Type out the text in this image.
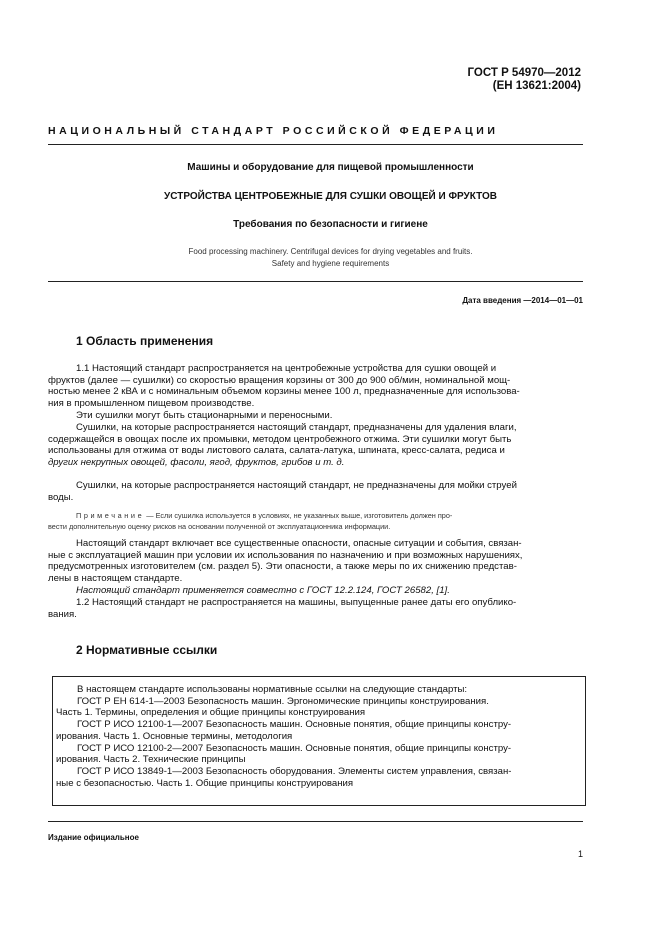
ГОСТ Р 54970—2012
(ЕН 13621:2004)
НАЦИОНАЛЬНЫЙ СТАНДАРТ РОССИЙСКОЙ ФЕДЕРАЦИИ
Машины и оборудование для пищевой промышленности
УСТРОЙСТВА ЦЕНТРОБЕЖНЫЕ ДЛЯ СУШКИ ОВОЩЕЙ И ФРУКТОВ
Требования по безопасности и гигиене
Food processing machinery. Centrifugal devices for drying vegetables and fruits.
Safety and hygiene requirements
Дата введения —2014—01—01
1 Область применения
1.1 Настоящий стандарт распространяется на центробежные устройства для сушки овощей и
фруктов (далее — сушилки) со скоростью вращения корзины от 300 до 900 об/мин, номинальной мощ-
ностью менее 2 кВА и с номинальным объемом корзины менее 100 л, предназначенные для использова-
ния в промышленном пищевом производстве.
Эти сушилки могут быть стационарными и переносными.
Сушилки, на которые распространяется настоящий стандарт, предназначены для удаления влаги,
содержащейся в овощах после их промывки, методом центробежного отжима. Эти сушилки могут быть
использованы для отжима от воды листового салата, салата-латука, шпината, кресс-салата, редиса и
других некрупных овощей, фасоли, ягод, фруктов, грибов и т. д.
Сушилки, на которые распространяется настоящий стандарт, не предназначены для мойки струей
воды.
Примечание — Если сушилка используется в условиях, не указанных выше, изготовитель должен про-
вести дополнительную оценку рисков на основании полученной от эксплуатационника информации.
Настоящий стандарт включает все существенные опасности, опасные ситуации и события, связан-
ные с эксплуатацией машин при условии их использования по назначению и при возможных нарушениях,
предусмотренных изготовителем (см. раздел 5). Эти опасности, а также меры по их снижению представ-
лены в настоящем стандарте.
Настоящий стандарт применяется совместно с ГОСТ 12.2.124, ГОСТ 26582, [1].
1.2 Настоящий стандарт не распространяется на машины, выпущенные ранее даты его опублико-
вания.
2 Нормативные ссылки
В настоящем стандарте использованы нормативные ссылки на следующие стандарты:
ГОСТ Р ЕН 614-1—2003 Безопасность машин. Эргономические принципы конструирования.
Часть 1. Термины, определения и общие принципы конструирования
ГОСТ Р ИСО 12100-1—2007 Безопасность машин. Основные понятия, общие принципы констру-
ирования. Часть 1. Основные термины, методология
ГОСТ Р ИСО 12100-2—2007 Безопасность машин. Основные понятия, общие принципы констру-
ирования. Часть 2. Технические принципы
ГОСТ Р ИСО 13849-1—2003 Безопасность оборудования. Элементы систем управления, связан-
ные с безопасностью. Часть 1. Общие принципы конструирования
Издание официальное
1
